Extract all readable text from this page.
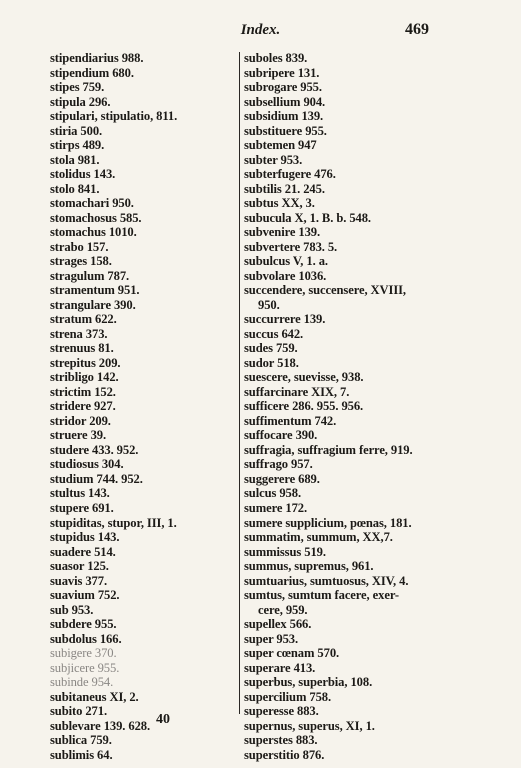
Index.	469
stipendiarius 988.
stipendium 680.
stipes 759.
stipula 296.
stipulari, stipulatio, 811.
stiria 500.
stirps 489.
stola 981.
stolidus 143.
stolo 841.
stomachari 950.
stomachosus 585.
stomachus 1010.
strabo 157.
strages 158.
stragulum 787.
stramentum 951.
strangulare 390.
stratum 622.
strena 373.
strenuus 81.
strepitus 209.
stribligo 142.
strictim 152.
stridere 927.
stridor 209.
struere 39.
studere 433. 952.
studiosus 304.
studium 744. 952.
stultus 143.
stupere 691.
stupiditas, stupor, III, 1.
stupidus 143.
suadere 514.
suasor 125.
suavis 377.
suavium 752.
sub 953.
subdere 955.
subdolus 166.
subigere 370.
subjicere 955.
subinde 954.
subitaneus XI, 2.
subito 271.
sublevare 139. 628.
sublica 759.
sublimis 64.
suboles 839.
subripere 131.
subrogare 955.
subsellium 904.
subsidium 139.
substituere 955.
subtemen 947
subter 953.
subterfugere 476.
subtilis 21. 245.
subtus XX, 3.
subucula X, 1. B. b. 548.
subvenire 139.
subvertere 783. 5.
subulcus V, 1. a.
subvolare 1036.
succendere, succensere, XVIII,
950.
succurrere 139.
succus 642.
sudes 759.
sudor 518.
suescere, suevisse, 938.
suffarcinare XIX, 7.
sufficere 286. 955. 956.
suffimentum 742.
suffocare 390.
suffragia, suffragium ferre, 919.
suffrago 957.
suggerere 689.
sulcus 958.
sumere 172.
sumere supplicium, pœnas, 181.
summatim, summum, XX,7.
summissus 519.
summus, supremus, 961.
sumtuarius, sumtuosus, XIV, 4.
sumtus, sumtum facere, exer-
cere, 959.
supellex 566.
super 953.
super cœnam 570.
superare 413.
superbus, superbia, 108.
supercilium 758.
superesse 883.
supernus, superus, XI, 1.
superstes 883.
superstitio 876.
40
